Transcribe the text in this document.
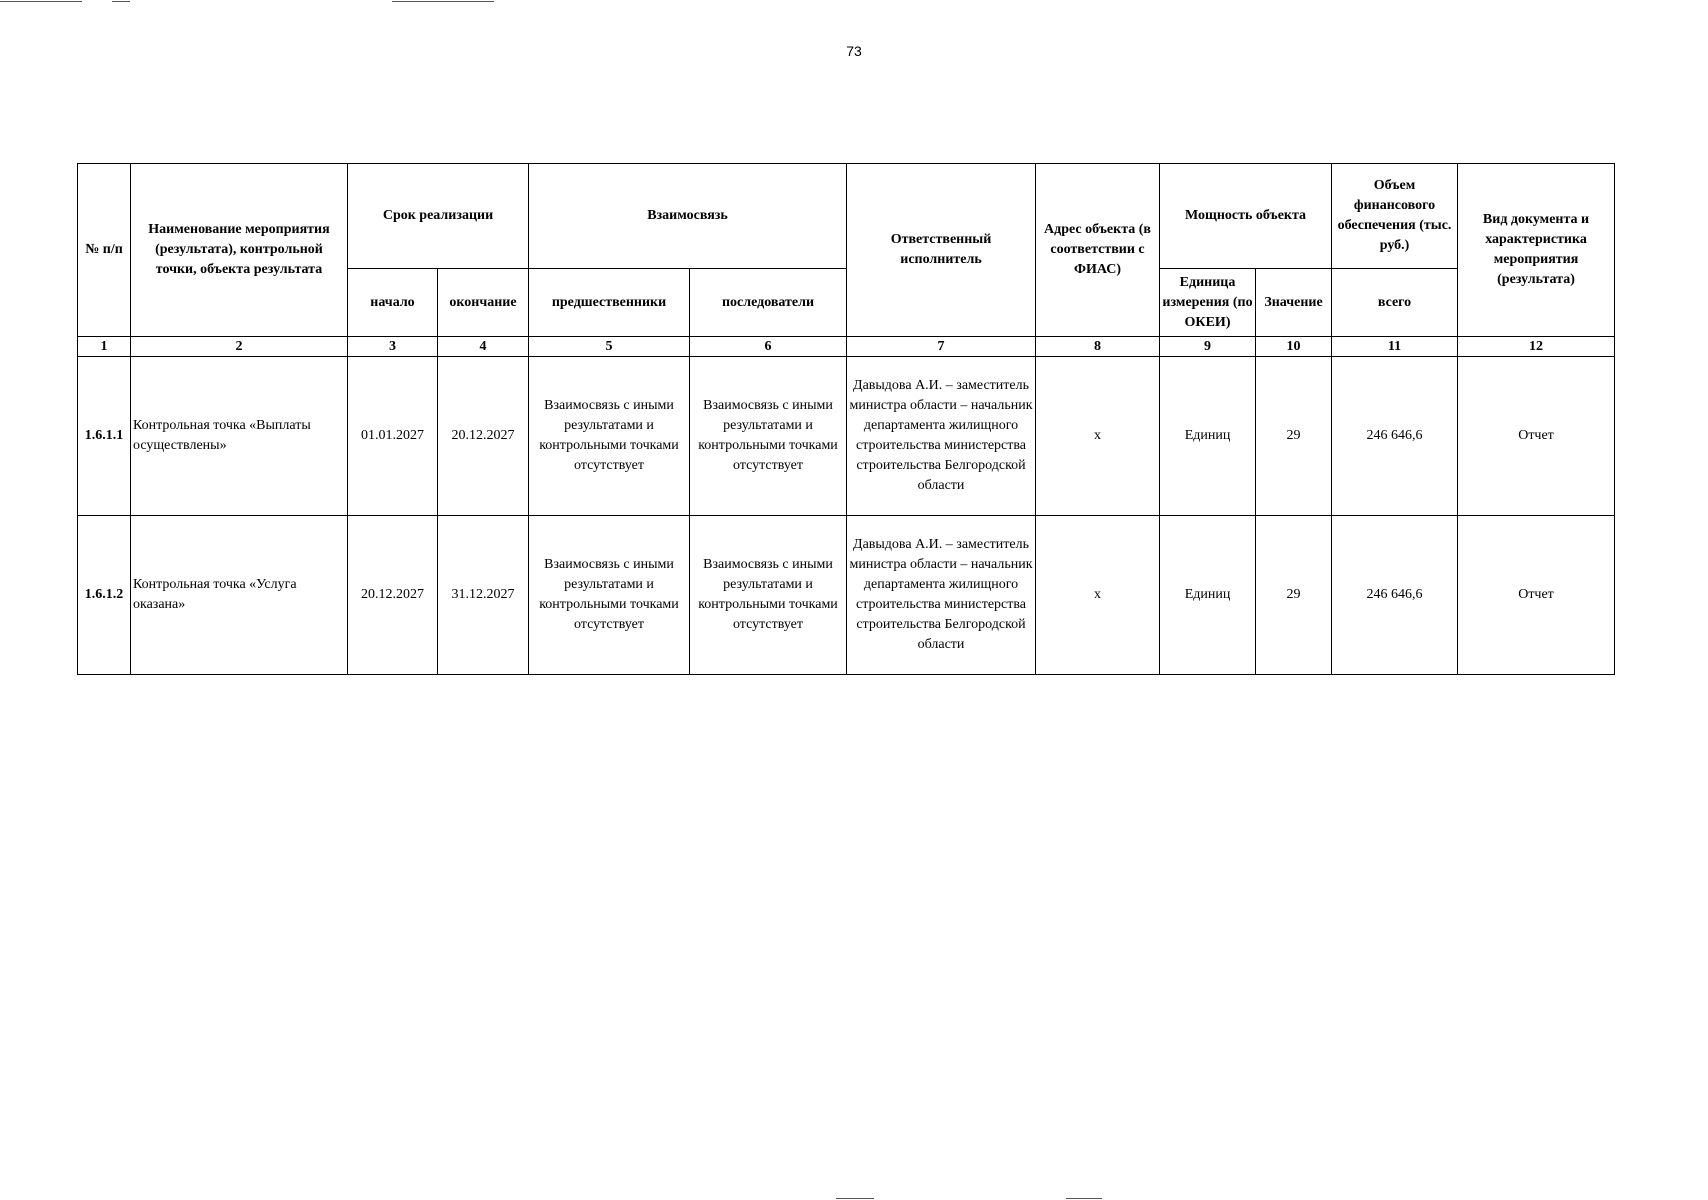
73
№ п/п	Наименование мероприятия (результата), контрольной точки, объекта результата	Срок реализации		Взаимосвязь		Ответственный исполнитель	Адрес объекта (в соответствии с ФИАС)	Мощность объекта		Объем финансового обеспечения (тыс. руб.)	Вид документа и характеристика мероприятия (результата)
		начало	окончание	предшественники	последователи			Единица измерения (по ОКЕИ)	Значение	всего	
1	2	3	4	5	6	7	8	9	10	11	12
1.6.1.1	Контрольная точка «Выплаты осуществлены»	01.01.2027	20.12.2027	Взаимосвязь с иными результатами и контрольными точками отсутствует	Взаимосвязь с иными результатами и контрольными точками отсутствует	Давыдова А.И. – заместитель министра области – начальник департамента жилищного строительства министерства строительства Белгородской области	х	Единиц	29	246 646,6	Отчет
1.6.1.2	Контрольная точка «Услуга оказана»	20.12.2027	31.12.2027	Взаимосвязь с иными результатами и контрольными точками отсутствует	Взаимосвязь с иными результатами и контрольными точками отсутствует	Давыдова А.И. – заместитель министра области – начальник департамента жилищного строительства министерства строительства Белгородской области	х	Единиц	29	246 646,6	Отчет
